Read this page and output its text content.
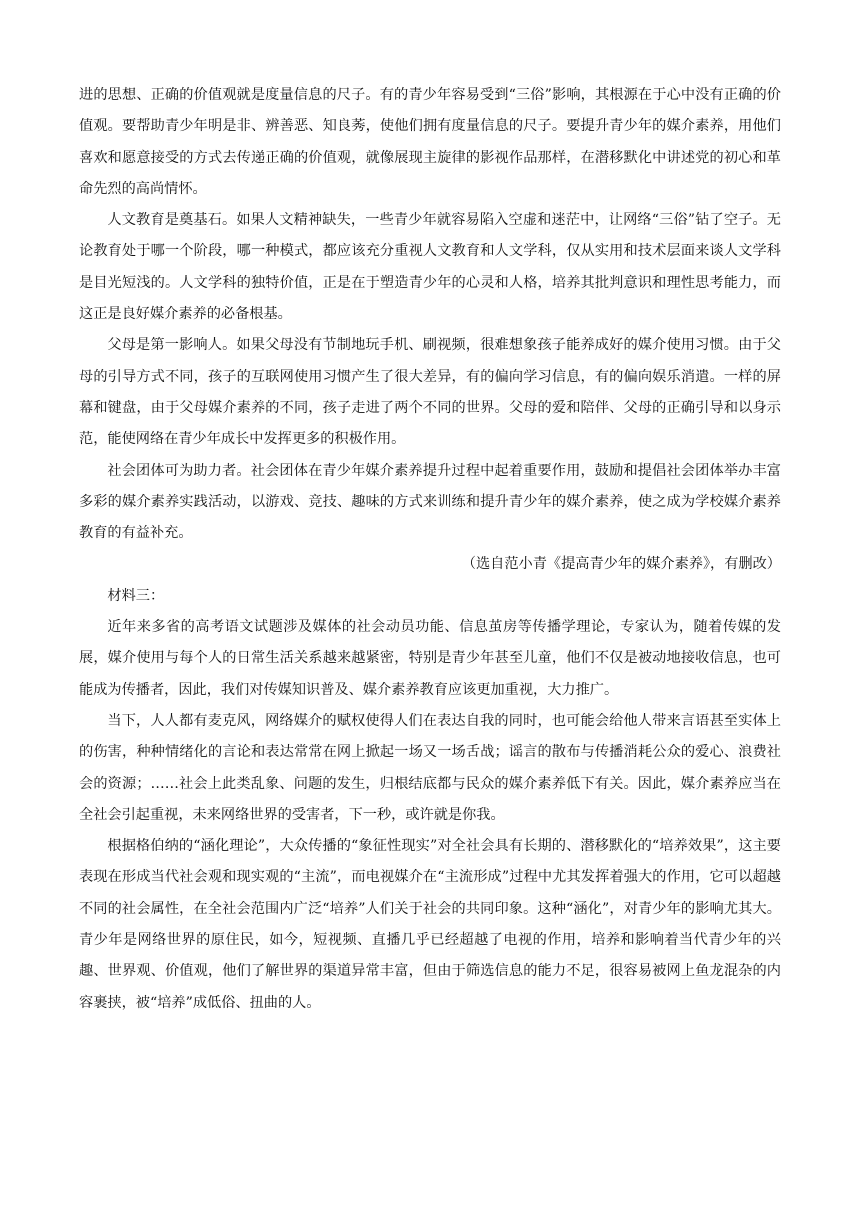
进的思想、正确的价值观就是度量信息的尺子。有的青少年容易受到“三俗”影响，其根源在于心中没有正确的价值观。要帮助青少年明是非、辨善恶、知良莠，使他们拥有度量信息的尺子。要提升青少年的媒介素养，用他们喜欢和愿意接受的方式去传递正确的价值观，就像展现主旋律的影视作品那样，在潜移默化中讲述党的初心和革命先烈的高尚情怀。

人文教育是奠基石。如果人文精神缺失，一些青少年就容易陷入空虚和迷茫中，让网络“三俗”钻了空子。无论教育处于哪一个阶段，哪一种模式，都应该充分重视人文教育和人文学科，仅从实用和技术层面来谈人文学科是目光短浅的。人文学科的独特价值，正是在于塑造青少年的心灵和人格，培养其批判意识和理性思考能力，而这正是良好媒介素养的必备根基。

父母是第一影响人。如果父母没有节制地玩手机、刷视频，很难想象孩子能养成好的媒介使用习惯。由于父母的引导方式不同，孩子的互联网使用习惯产生了很大差异，有的偏向学习信息，有的偏向娱乐消遣。一样的屏幕和键盘，由于父母媒介素养的不同，孩子走进了两个不同的世界。父母的爱和陪伴、父母的正确引导和以身示范，能使网络在青少年成长中发挥更多的积极作用。

社会团体可为助力者。社会团体在青少年媒介素养提升过程中起着重要作用，鼓励和提倡社会团体举办丰富多彩的媒介素养实践活动，以游戏、竞技、趣味的方式来训练和提升青少年的媒介素养，使之成为学校媒介素养教育的有益补充。

（选自范小青《提高青少年的媒介素养》，有删改）

材料三：

近年来多省的高考语文试题涉及媒体的社会动员功能、信息茧房等传播学理论，专家认为，随着传媒的发展，媒介使用与每个人的日常生活关系越来越紧密，特别是青少年甚至儿童，他们不仅是被动地接收信息，也可能成为传播者，因此，我们对传媒知识普及、媒介素养教育应该更加重视，大力推广。

当下，人人都有麦克风，网络媒介的赋权使得人们在表达自我的同时，也可能会给他人带来言语甚至实体上的伤害，种种情绪化的言论和表达常常在网上掀起一场又一场舌战；谣言的散布与传播消耗公众的爱心、浪费社会的资源；……社会上此类乱象、问题的发生，归根结底都与民众的媒介素养低下有关。因此，媒介素养应当在全社会引起重视，未来网络世界的受害者，下一秒，或许就是你我。

根据格伯纳的“涵化理论”，大众传播的“象征性现实”对全社会具有长期的、潜移默化的“培养效果”，这主要表现在形成当代社会观和现实观的“主流”，而电视媒介在“主流形成”过程中尤其发挥着强大的作用，它可以超越不同的社会属性，在全社会范围内广泛“培养”人们关于社会的共同印象。这种“涵化”，对青少年的影响尤其大。青少年是网络世界的原住民，如今，短视频、直播几乎已经超越了电视的作用，培养和影响着当代青少年的兴趣、世界观、价值观，他们了解世界的渠道异常丰富，但由于筛选信息的能力不足，很容易被网上鱼龙混杂的内容裹挟，被“培养”成低俗、扭曲的人。
